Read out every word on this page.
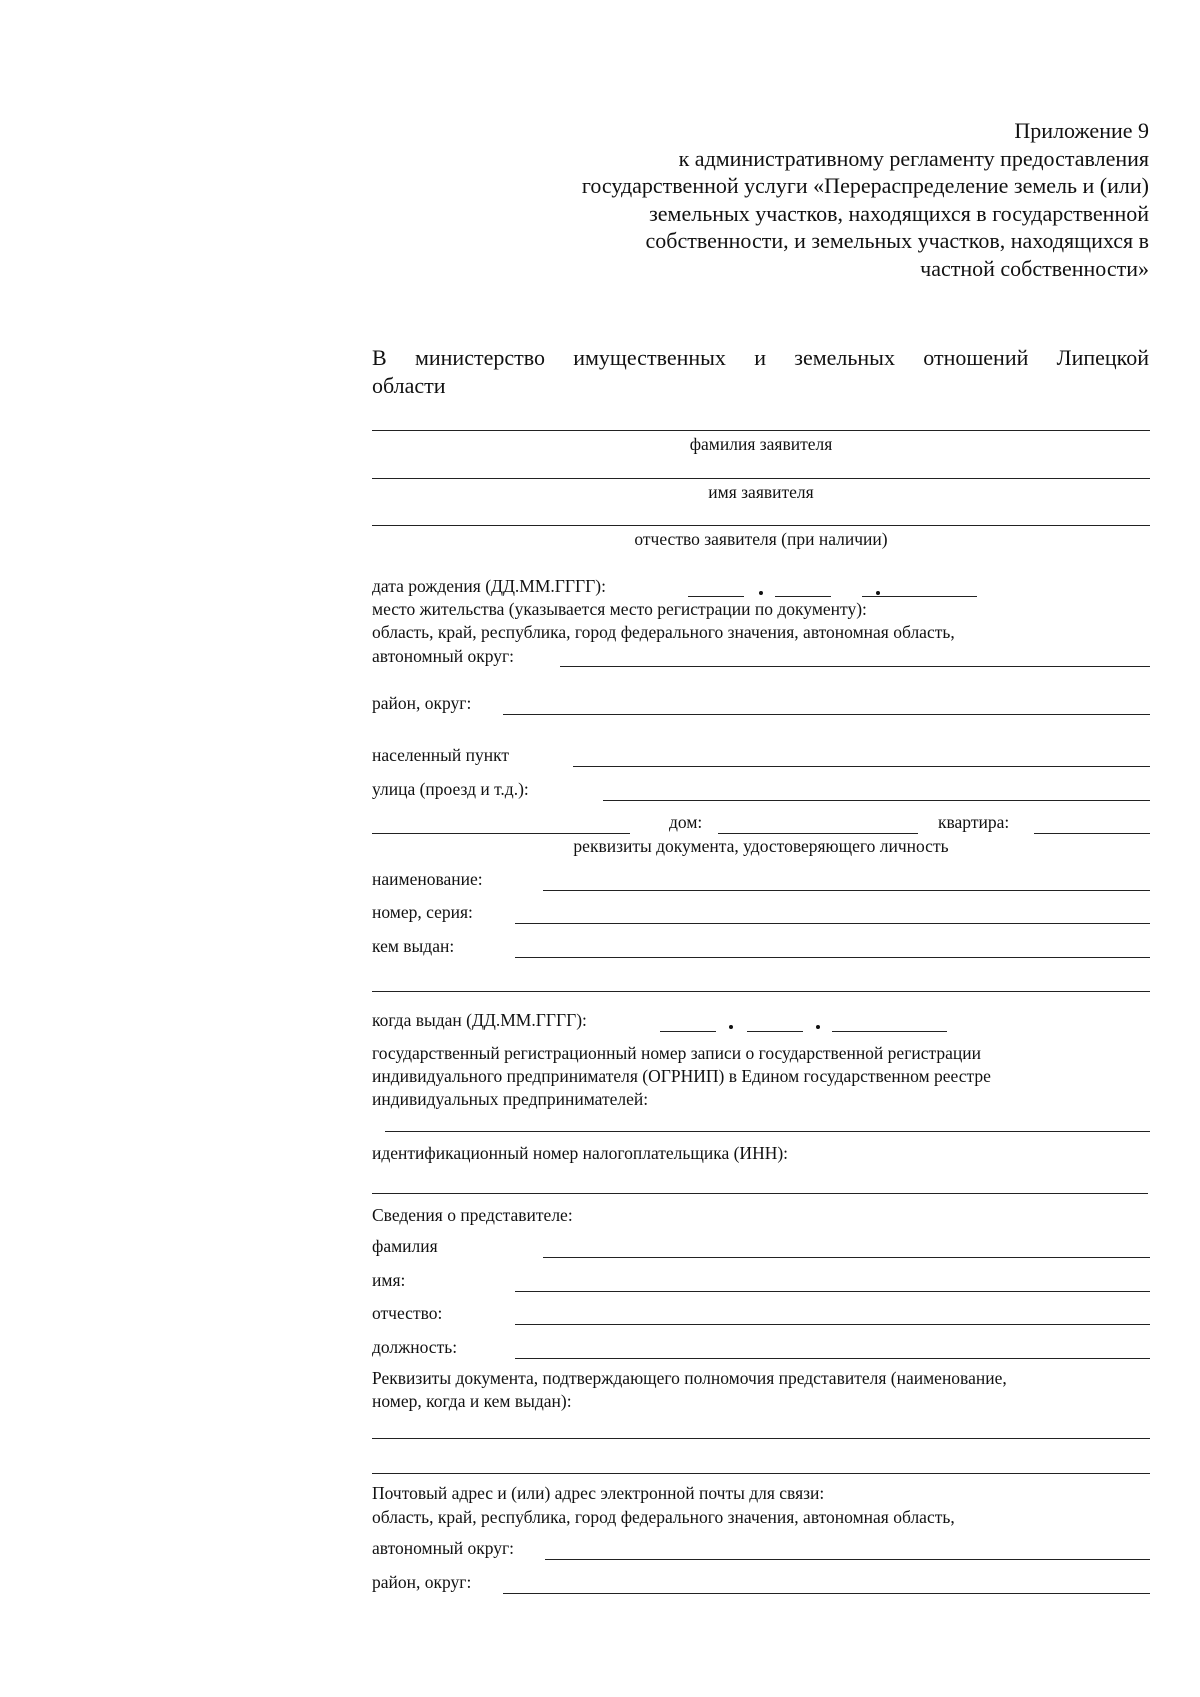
Приложение 9
к административному регламенту предоставления
государственной услуги «Перераспределение земель и (или)
земельных участков, находящихся в государственной
собственности, и земельных участков, находящихся в
частной собственности»
В министерство имущественных и земельных отношений Липецкой
области
фамилия заявителя
имя заявителя
отчество заявителя (при наличии)
дата рождения (ДД.ММ.ГГГГ):
место жительства (указывается место регистрации по документу):
область, край, республика, город федерального значения, автономная область,
автономный округ:
район, округ:
населенный пункт
улица (проезд и т.д.):
дом:	квартира:
реквизиты документа, удостоверяющего личность
наименование:
номер, серия:
кем выдан:
когда выдан (ДД.ММ.ГГГГ):
государственный регистрационный номер записи о государственной регистрации
индивидуального предпринимателя (ОГРНИП) в Едином государственном реестре
индивидуальных предпринимателей:
идентификационный номер налогоплательщика (ИНН):
Сведения о представителе:
фамилия
имя:
отчество:
должность:
Реквизиты документа, подтверждающего полномочия представителя (наименование,
номер, когда и кем выдан):
Почтовый адрес и (или) адрес электронной почты для связи:
область, край, республика, город федерального значения, автономная область,
автономный округ:
район, округ:
